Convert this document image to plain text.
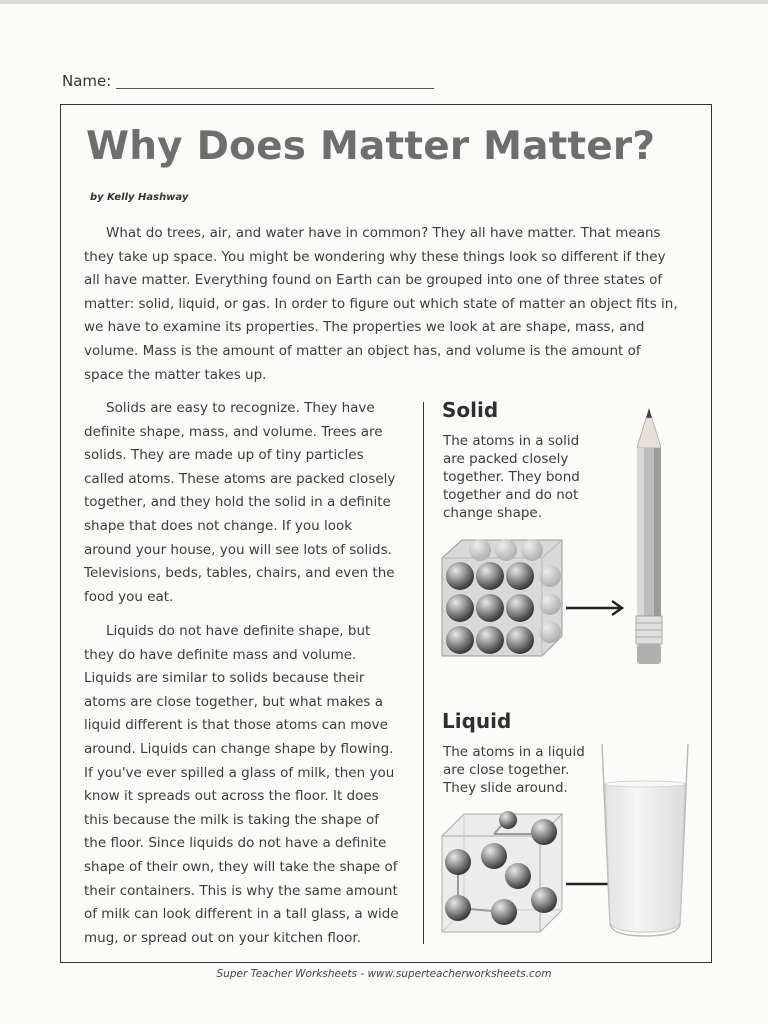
Name:
Why Does Matter Matter?
by Kelly Hashway

What do trees, air, and water have in common? They all have matter. That means they take up space. You might be wondering why these things look so different if they all have matter. Everything found on Earth can be grouped into one of three states of matter: solid, liquid, or gas. In order to figure out which state of matter an object fits in, we have to examine its properties. The properties we look at are shape, mass, and volume. Mass is the amount of matter an object has, and volume is the amount of space the matter takes up.

Solids are easy to recognize. They have definite shape, mass, and volume. Trees are solids. They are made up of tiny particles called atoms. These atoms are packed closely together, and they hold the solid in a definite shape that does not change. If you look around your house, you will see lots of solids. Televisions, beds, tables, chairs, and even the food you eat.

Liquids do not have definite shape, but they do have definite mass and volume. Liquids are similar to solids because their atoms are close together, but what makes a liquid different is that those atoms can move around. Liquids can change shape by flowing. If you've ever spilled a glass of milk, then you know it spreads out across the floor. It does this because the milk is taking the shape of the floor. Since liquids do not have a definite shape of their own, they will take the shape of their containers. This is why the same amount of milk can look different in a tall glass, a wide mug, or spread out on your kitchen floor.

Solid
The atoms in a solid are packed closely together. They bond together and do not change shape.
Liquid
The atoms in a liquid are close together. They slide around.
Super Teacher Worksheets - www.superteacherworksheets.com
